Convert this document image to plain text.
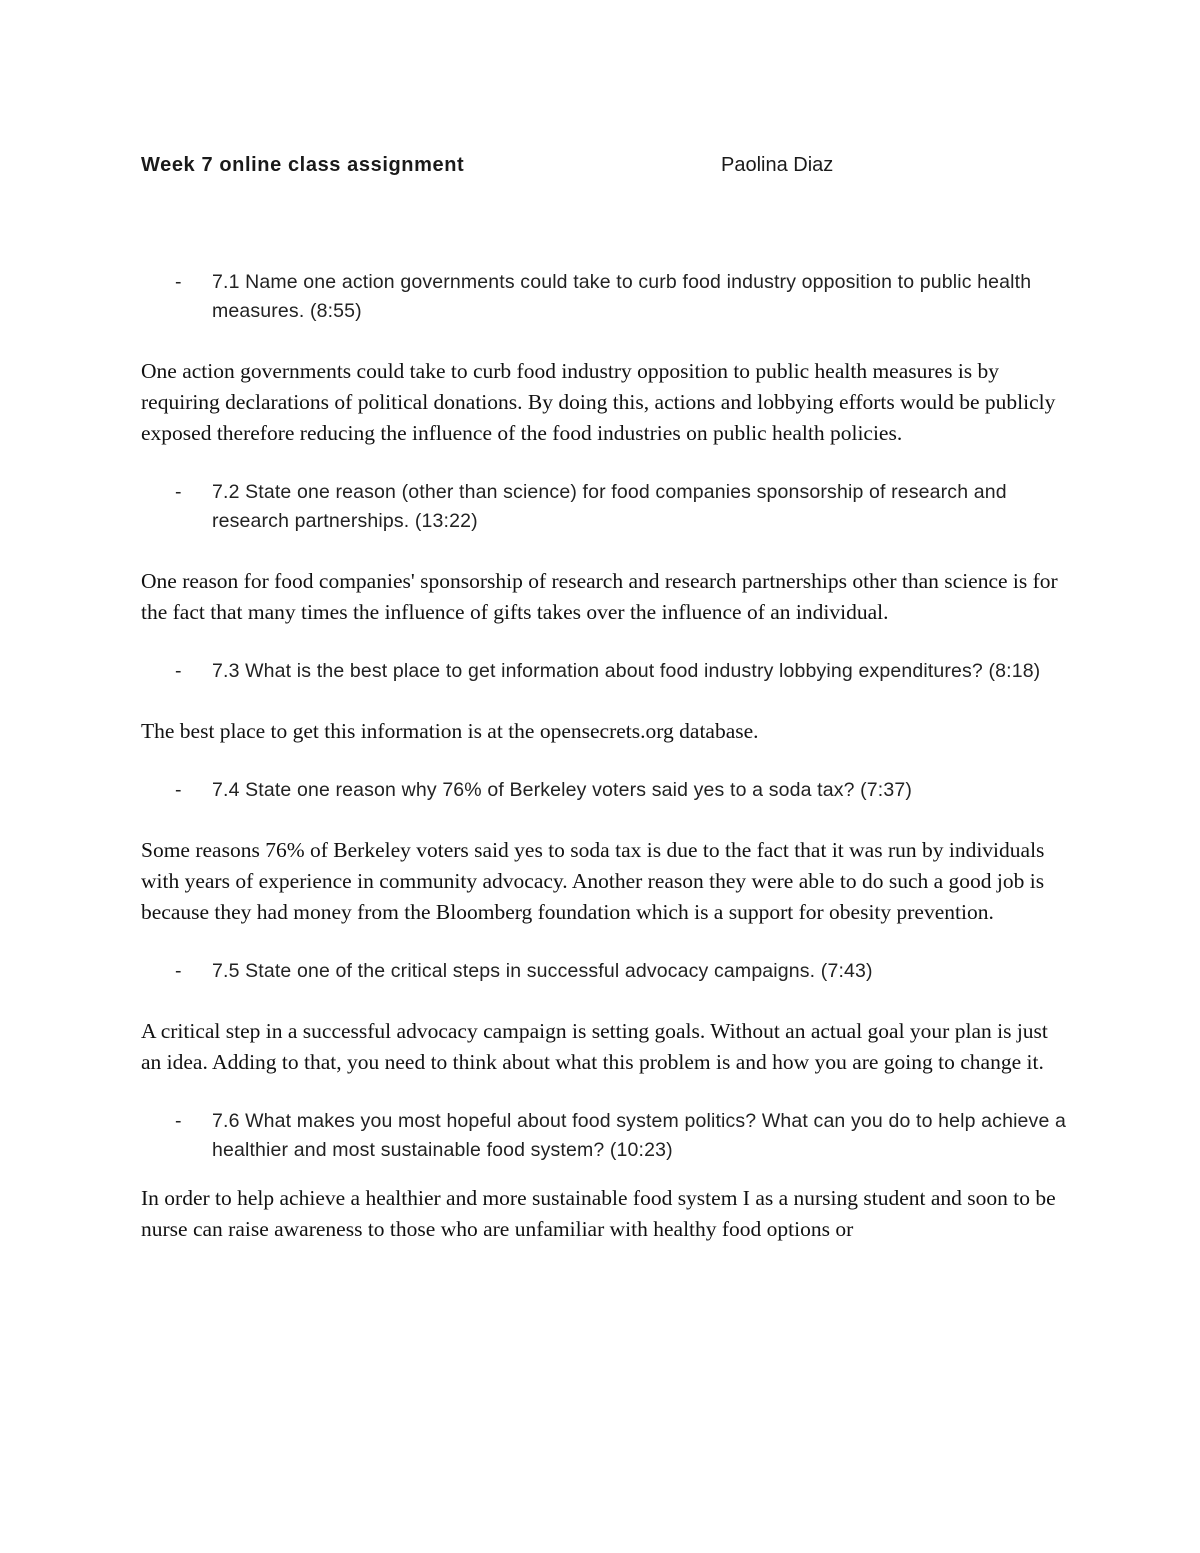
Week 7 online class assignment	Paolina Diaz
-	7.1 Name one action governments could take to curb food industry opposition to public health measures. (8:55)
One action governments could take to curb food industry opposition to public health measures is by requiring declarations of political donations. By doing this, actions and lobbying efforts would be publicly exposed therefore reducing the influence of the food industries on public health policies.
-	7.2 State one reason (other than science) for food companies sponsorship of research and research partnerships. (13:22)
One reason for food companies' sponsorship of research and research partnerships other than science is for the fact that many times the influence of gifts takes over the influence of an individual.
-	7.3 What is the best place to get information about food industry lobbying expenditures? (8:18)
The best place to get this information is at the opensecrets.org database.
-	7.4 State one reason why 76% of Berkeley voters said yes to a soda tax? (7:37)
Some reasons 76% of Berkeley voters said yes to soda tax is due to the fact that it was run by individuals with years of experience in community advocacy. Another reason they were able to do such a good job is because they had money from the Bloomberg foundation which is a support for obesity prevention.
-	7.5 State one of the critical steps in successful advocacy campaigns. (7:43)
A critical step in a successful advocacy campaign is setting goals. Without an actual goal your plan is just an idea. Adding to that, you need to think about what this problem is and how you are going to change it.
-	7.6 What makes you most hopeful about food system politics? What can you do to help achieve a healthier and most sustainable food system? (10:23)
In order to help achieve a healthier and more sustainable food system I as a nursing student and soon to be nurse can raise awareness to those who are unfamiliar with healthy food options or
